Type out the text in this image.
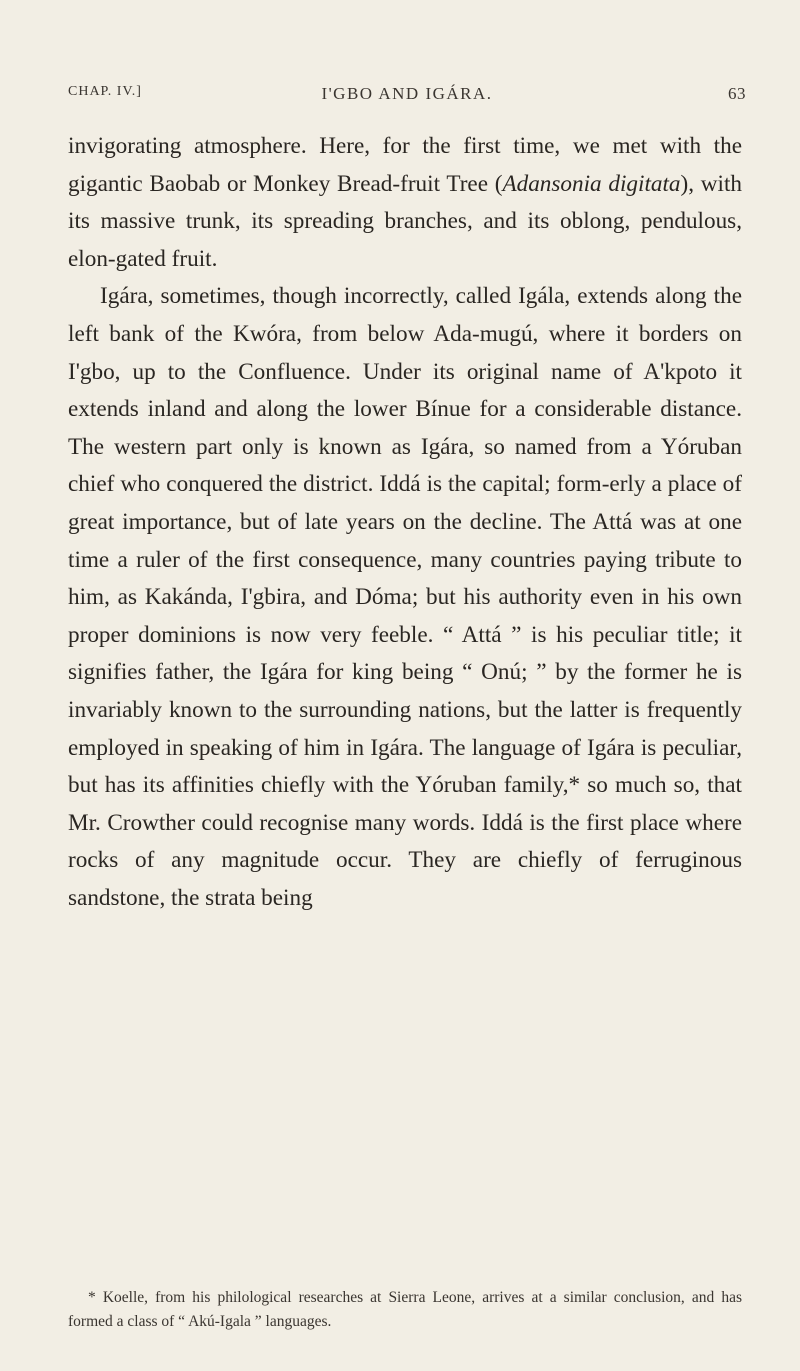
CHAP. IV.]	I'GBO AND IGÁRA.	63

invigorating atmosphere. Here, for the first time, we met with the gigantic Baobab or Monkey Bread-fruit Tree (Adansonia digitata), with its massive trunk, its spreading branches, and its oblong, pendulous, elon-gated fruit.

Igára, sometimes, though incorrectly, called Igála, extends along the left bank of the Kwóra, from below Ada-mugú, where it borders on I'gbo, up to the Confluence. Under its original name of A'kpoto it extends inland and along the lower Bínue for a considerable distance. The western part only is known as Igára, so named from a Yóruban chief who conquered the district. Iddá is the capital; form-erly a place of great importance, but of late years on the decline. The Attá was at one time a ruler of the first consequence, many countries paying tribute to him, as Kakánda, I'gbira, and Dóma; but his authority even in his own proper dominions is now very feeble. “ Attá ” is his peculiar title; it signifies father, the Igára for king being “ Onú; ” by the former he is invariably known to the surrounding nations, but the latter is frequently employed in speaking of him in Igára. The language of Igára is peculiar, but has its affinities chiefly with the Yóruban family,* so much so, that Mr. Crowther could recognise many words. Iddá is the first place where rocks of any magnitude occur. They are chiefly of ferruginous sandstone, the strata being

* Koelle, from his philological researches at Sierra Leone, arrives at a similar conclusion, and has formed a class of “ Akú-Igala ” languages.
